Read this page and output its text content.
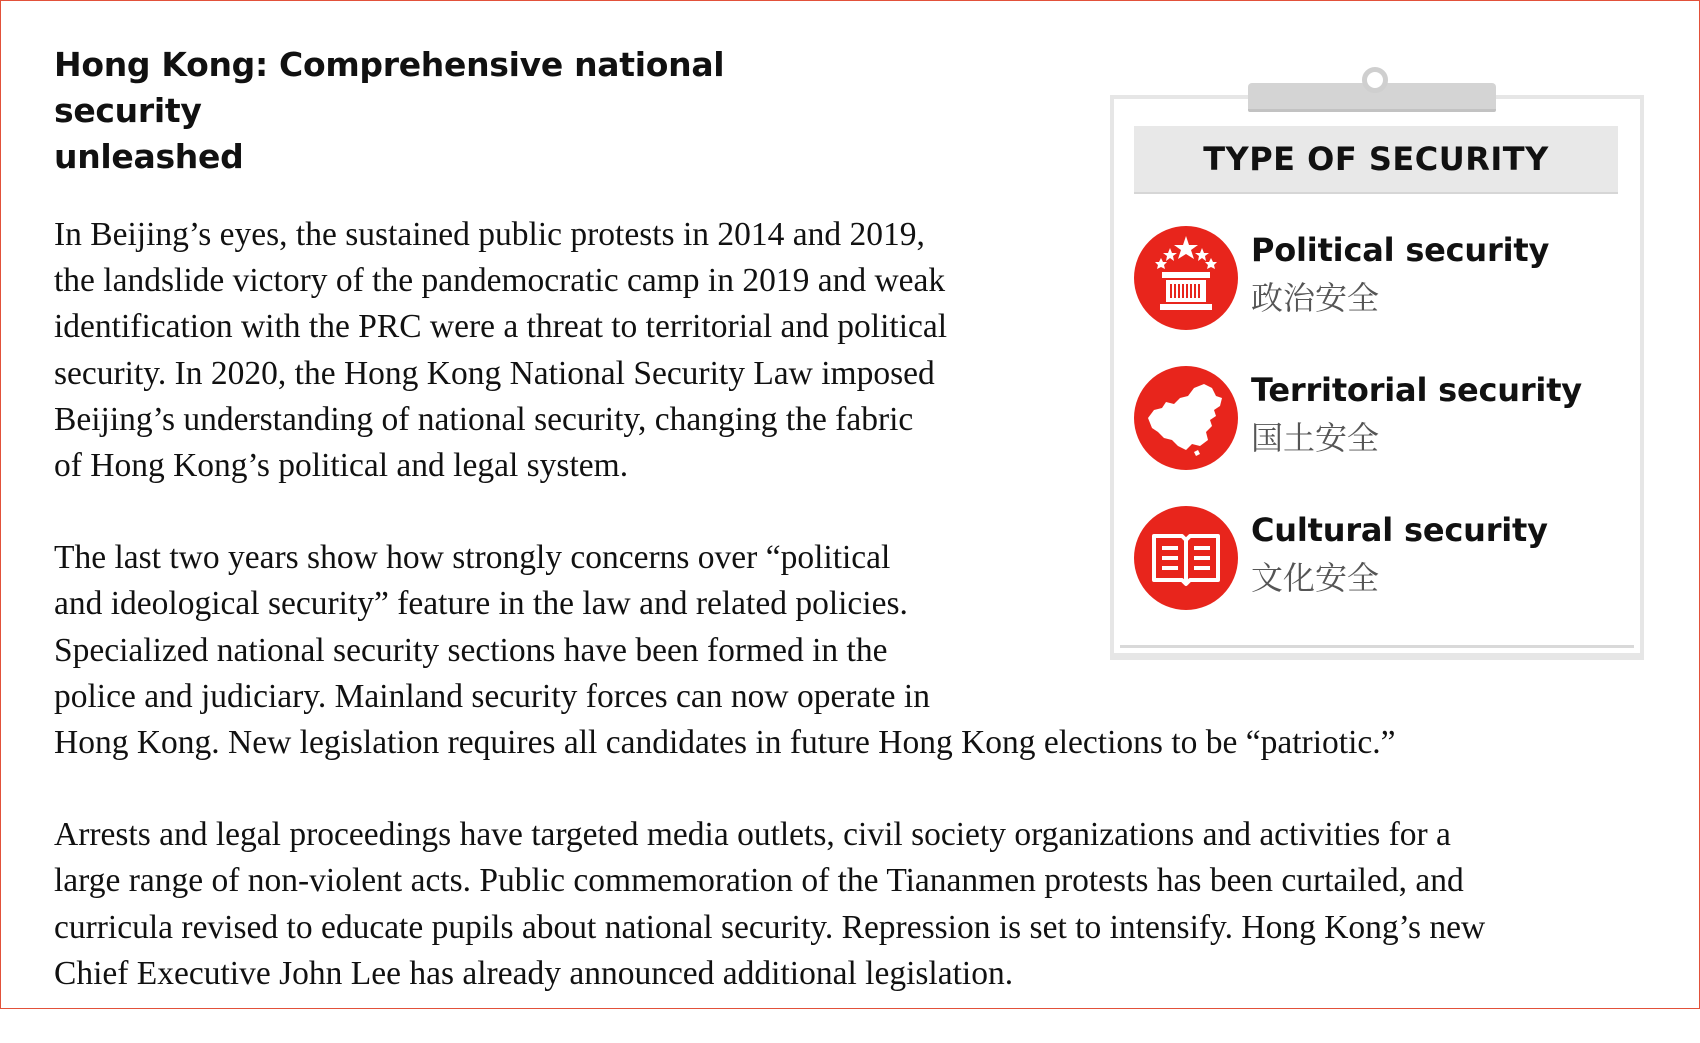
Hong Kong: Comprehensive national security
unleashed

In Beijing’s eyes, the sustained public protests in 2014 and 2019,
the landslide victory of the pandemocratic camp in 2019 and weak
identification with the PRC were a threat to territorial and political
security. In 2020, the Hong Kong National Security Law imposed
Beijing’s understanding of national security, changing the fabric
of Hong Kong’s political and legal system.

The last two years show how strongly concerns over “political
and ideological security” feature in the law and related policies.
Specialized national security sections have been formed in the
police and judiciary. Mainland security forces can now operate in
Hong Kong. New legislation requires all candidates in future Hong Kong elections to be “patriotic.”

Arrests and legal proceedings have targeted media outlets, civil society organizations and activities for a
large range of non-violent acts. Public commemoration of the Tiananmen protests has been curtailed, and
curricula revised to educate pupils about national security. Repression is set to intensify. Hong Kong’s new
Chief Executive John Lee has already announced additional legislation.

TYPE OF SECURITY
Political security
政治安全
Territorial security
国土安全
Cultural security
文化安全
